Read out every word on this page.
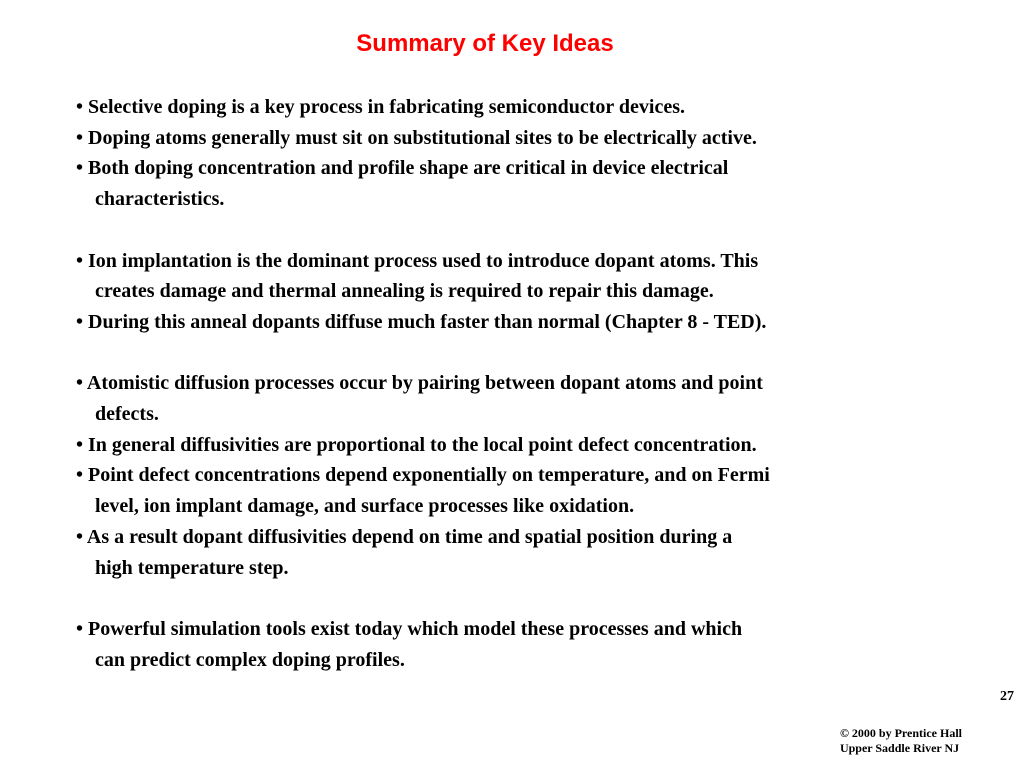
Summary of Key Ideas
• Selective doping is a key process in fabricating semiconductor devices.
• Doping atoms generally must sit on substitutional sites to be electrically active.
• Both doping concentration and profile shape are critical in device electrical
characteristics.
• Ion implantation is the dominant process used to introduce dopant atoms. This
creates damage and thermal annealing is required to repair this damage.
• During this anneal dopants diffuse much faster than normal (Chapter 8 - TED).
• Atomistic diffusion processes occur by pairing between dopant atoms and point
defects.
• In general diffusivities are proportional to the local point defect concentration.
• Point defect concentrations depend exponentially on temperature, and on Fermi
level, ion implant damage, and surface processes like oxidation.
• As a result dopant diffusivities depend on time and spatial position during a
high temperature step.
• Powerful simulation tools exist today which model these processes and which
can predict complex doping profiles.
27
© 2000 by Prentice Hall
Upper Saddle River NJ
